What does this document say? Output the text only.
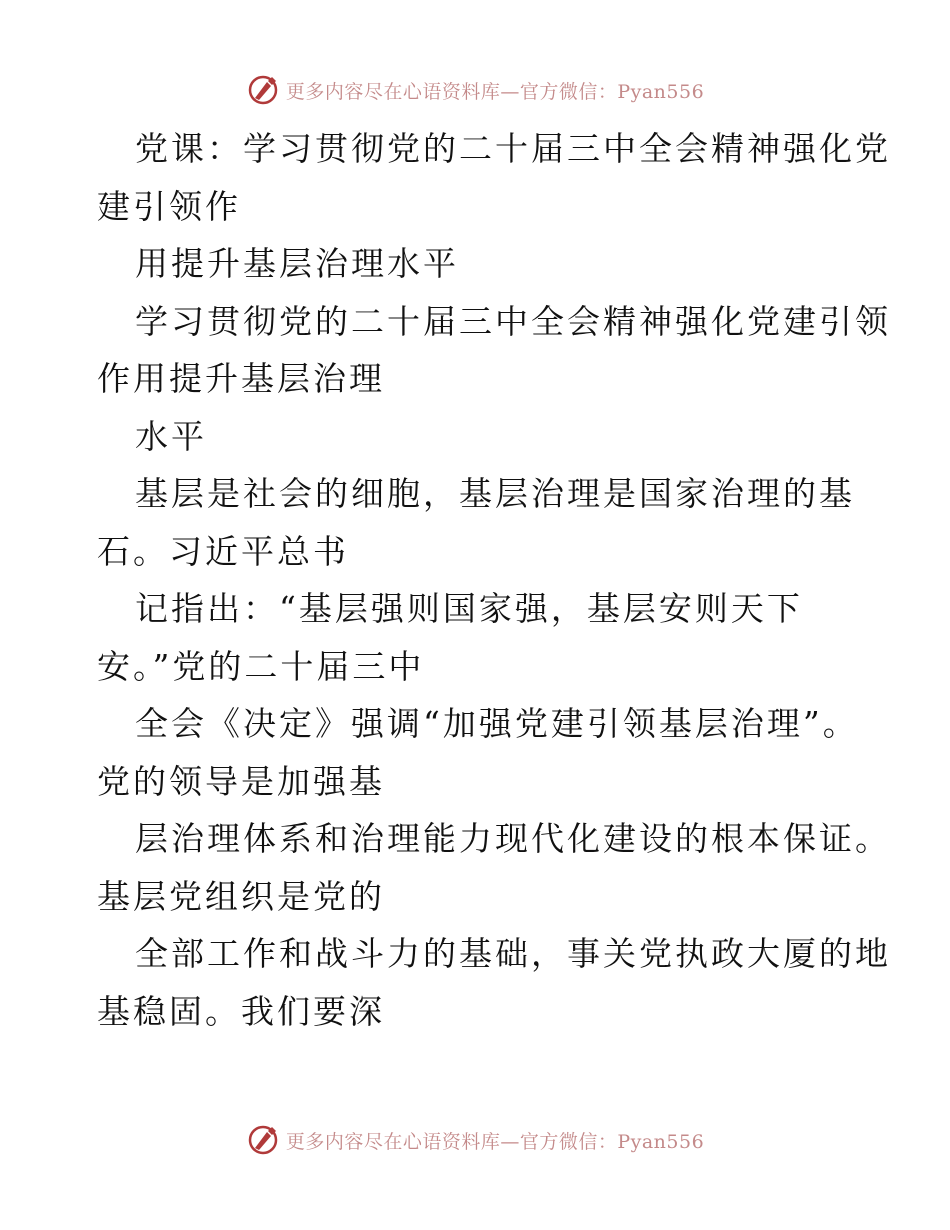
更多内容尽在心语资料库—官方微信：Pyan556
党课：学习贯彻党的二十届三中全会精神强化党
建引领作
用提升基层治理水平
学习贯彻党的二十届三中全会精神强化党建引领
作用提升基层治理
水平
基层是社会的细胞，基层治理是国家治理的基
石。习近平总书
记指出：“基层强则国家强，基层安则天下
安。”党的二十届三中
全会《决定》强调“加强党建引领基层治理”。
党的领导是加强基
层治理体系和治理能力现代化建设的根本保证。
基层党组织是党的
全部工作和战斗力的基础，事关党执政大厦的地
基稳固。我们要深
更多内容尽在心语资料库—官方微信：Pyan556
